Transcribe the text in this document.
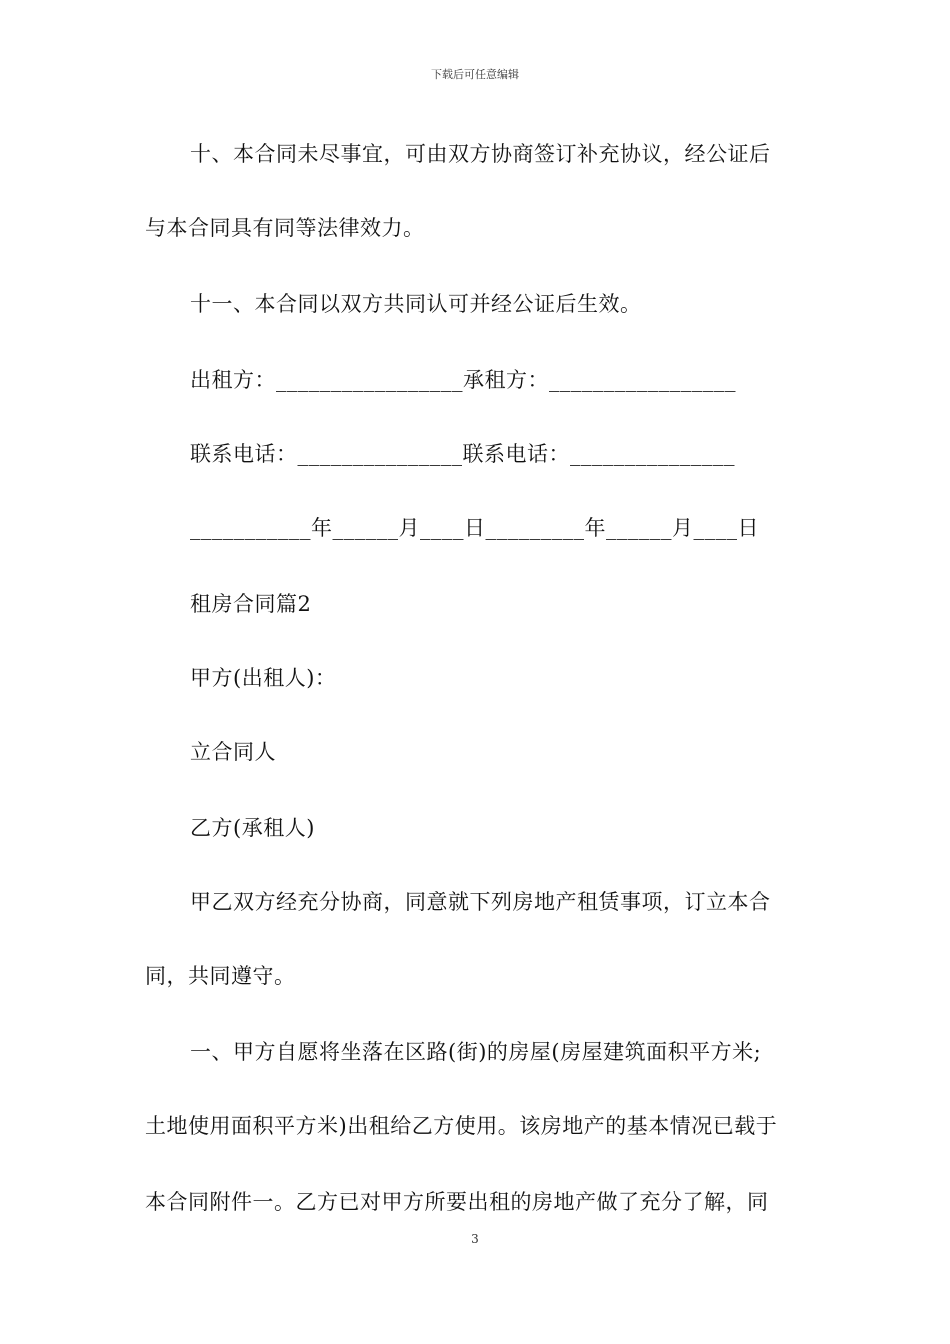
下载后可任意编辑
十、本合同未尽事宜，可由双方协商签订补充协议，经公证后
与本合同具有同等法律效力。
十一、本合同以双方共同认可并经公证后生效。
出租方：_________________承租方：_________________
联系电话：_______________联系电话：_______________
___________年______月____日_________年______月____日
租房合同篇2
甲方(出租人)：
立合同人
乙方(承租人)
甲乙双方经充分协商，同意就下列房地产租赁事项，订立本合
同，共同遵守。
一、甲方自愿将坐落在区路(街)的房屋(房屋建筑面积平方米;
土地使用面积平方米)出租给乙方使用。该房地产的基本情况已载于
本合同附件一。乙方已对甲方所要出租的房地产做了充分了解，同
3
